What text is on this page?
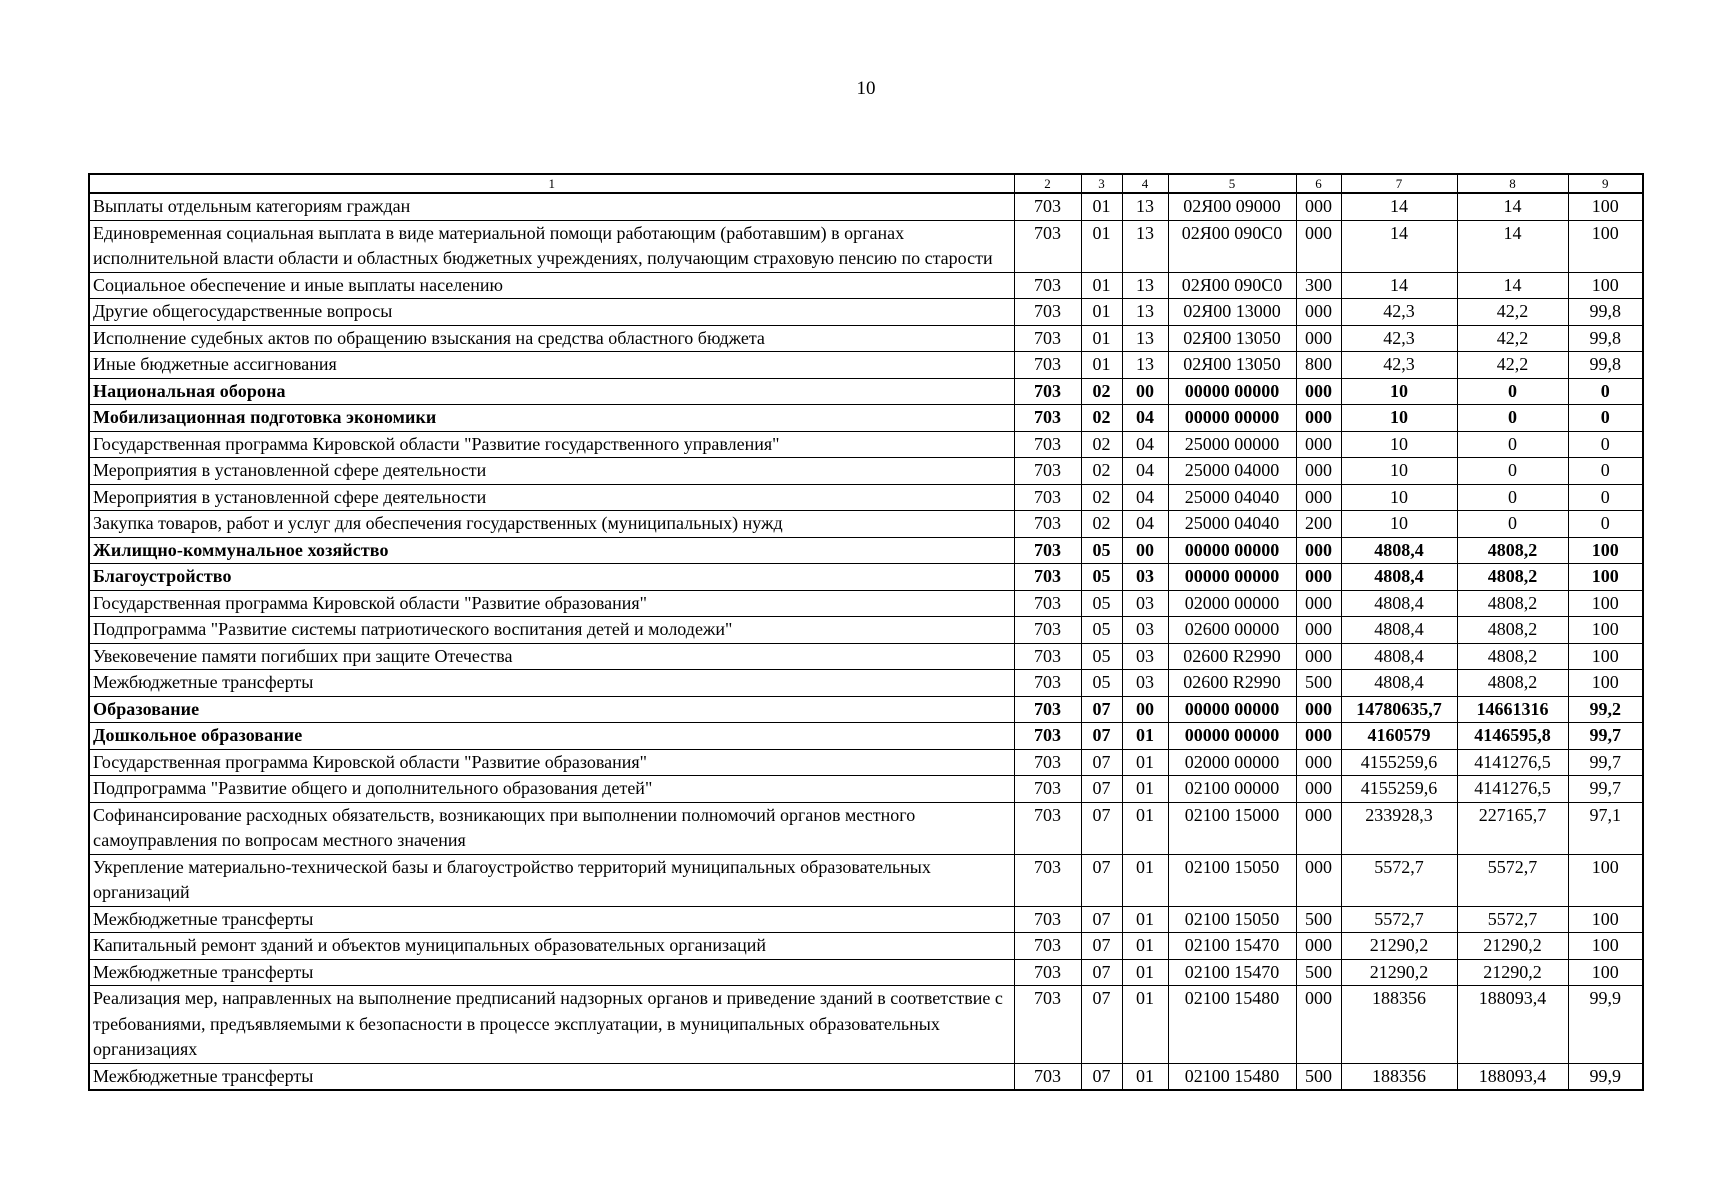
10
1	2	3	4	5	6	7	8	9
Выплаты отдельным категориям граждан	703	01	13	02Я00 09000	000	14	14	100
Единовременная социальная выплата в виде материальной помощи работающим (работавшим) в органах исполнительной власти области и областных бюджетных учреждениях, получающим страховую пенсию по старости	703	01	13	02Я00 090С0	000	14	14	100
Социальное обеспечение и иные выплаты населению	703	01	13	02Я00 090С0	300	14	14	100
Другие общегосударственные вопросы	703	01	13	02Я00 13000	000	42,3	42,2	99,8
Исполнение судебных актов по обращению взыскания на средства областного бюджета	703	01	13	02Я00 13050	000	42,3	42,2	99,8
Иные бюджетные ассигнования	703	01	13	02Я00 13050	800	42,3	42,2	99,8
Национальная оборона	703	02	00	00000 00000	000	10	0	0
Мобилизационная подготовка экономики	703	02	04	00000 00000	000	10	0	0
Государственная программа Кировской области "Развитие государственного управления"	703	02	04	25000 00000	000	10	0	0
Мероприятия в установленной сфере деятельности	703	02	04	25000 04000	000	10	0	0
Мероприятия в установленной сфере деятельности	703	02	04	25000 04040	000	10	0	0
Закупка товаров, работ и услуг для обеспечения государственных (муниципальных) нужд	703	02	04	25000 04040	200	10	0	0
Жилищно-коммунальное хозяйство	703	05	00	00000 00000	000	4808,4	4808,2	100
Благоустройство	703	05	03	00000 00000	000	4808,4	4808,2	100
Государственная программа Кировской области "Развитие образования"	703	05	03	02000 00000	000	4808,4	4808,2	100
Подпрограмма "Развитие системы патриотического воспитания детей и молодежи"	703	05	03	02600 00000	000	4808,4	4808,2	100
Увековечение памяти погибших при защите Отечества	703	05	03	02600 R2990	000	4808,4	4808,2	100
Межбюджетные трансферты	703	05	03	02600 R2990	500	4808,4	4808,2	100
Образование	703	07	00	00000 00000	000	14780635,7	14661316	99,2
Дошкольное образование	703	07	01	00000 00000	000	4160579	4146595,8	99,7
Государственная программа Кировской области "Развитие образования"	703	07	01	02000 00000	000	4155259,6	4141276,5	99,7
Подпрограмма "Развитие общего и дополнительного образования детей"	703	07	01	02100 00000	000	4155259,6	4141276,5	99,7
Софинансирование расходных обязательств, возникающих при выполнении полномочий органов местного самоуправления по вопросам местного значения	703	07	01	02100 15000	000	233928,3	227165,7	97,1
Укрепление материально-технической базы и благоустройство территорий муниципальных образовательных организаций	703	07	01	02100 15050	000	5572,7	5572,7	100
Межбюджетные трансферты	703	07	01	02100 15050	500	5572,7	5572,7	100
Капитальный ремонт зданий и объектов муниципальных образовательных организаций	703	07	01	02100 15470	000	21290,2	21290,2	100
Межбюджетные трансферты	703	07	01	02100 15470	500	21290,2	21290,2	100
Реализация мер, направленных на выполнение предписаний надзорных органов и приведение зданий в соответствие с требованиями, предъявляемыми к безопасности в процессе эксплуатации, в муниципальных образовательных организациях	703	07	01	02100 15480	000	188356	188093,4	99,9
Межбюджетные трансферты	703	07	01	02100 15480	500	188356	188093,4	99,9
